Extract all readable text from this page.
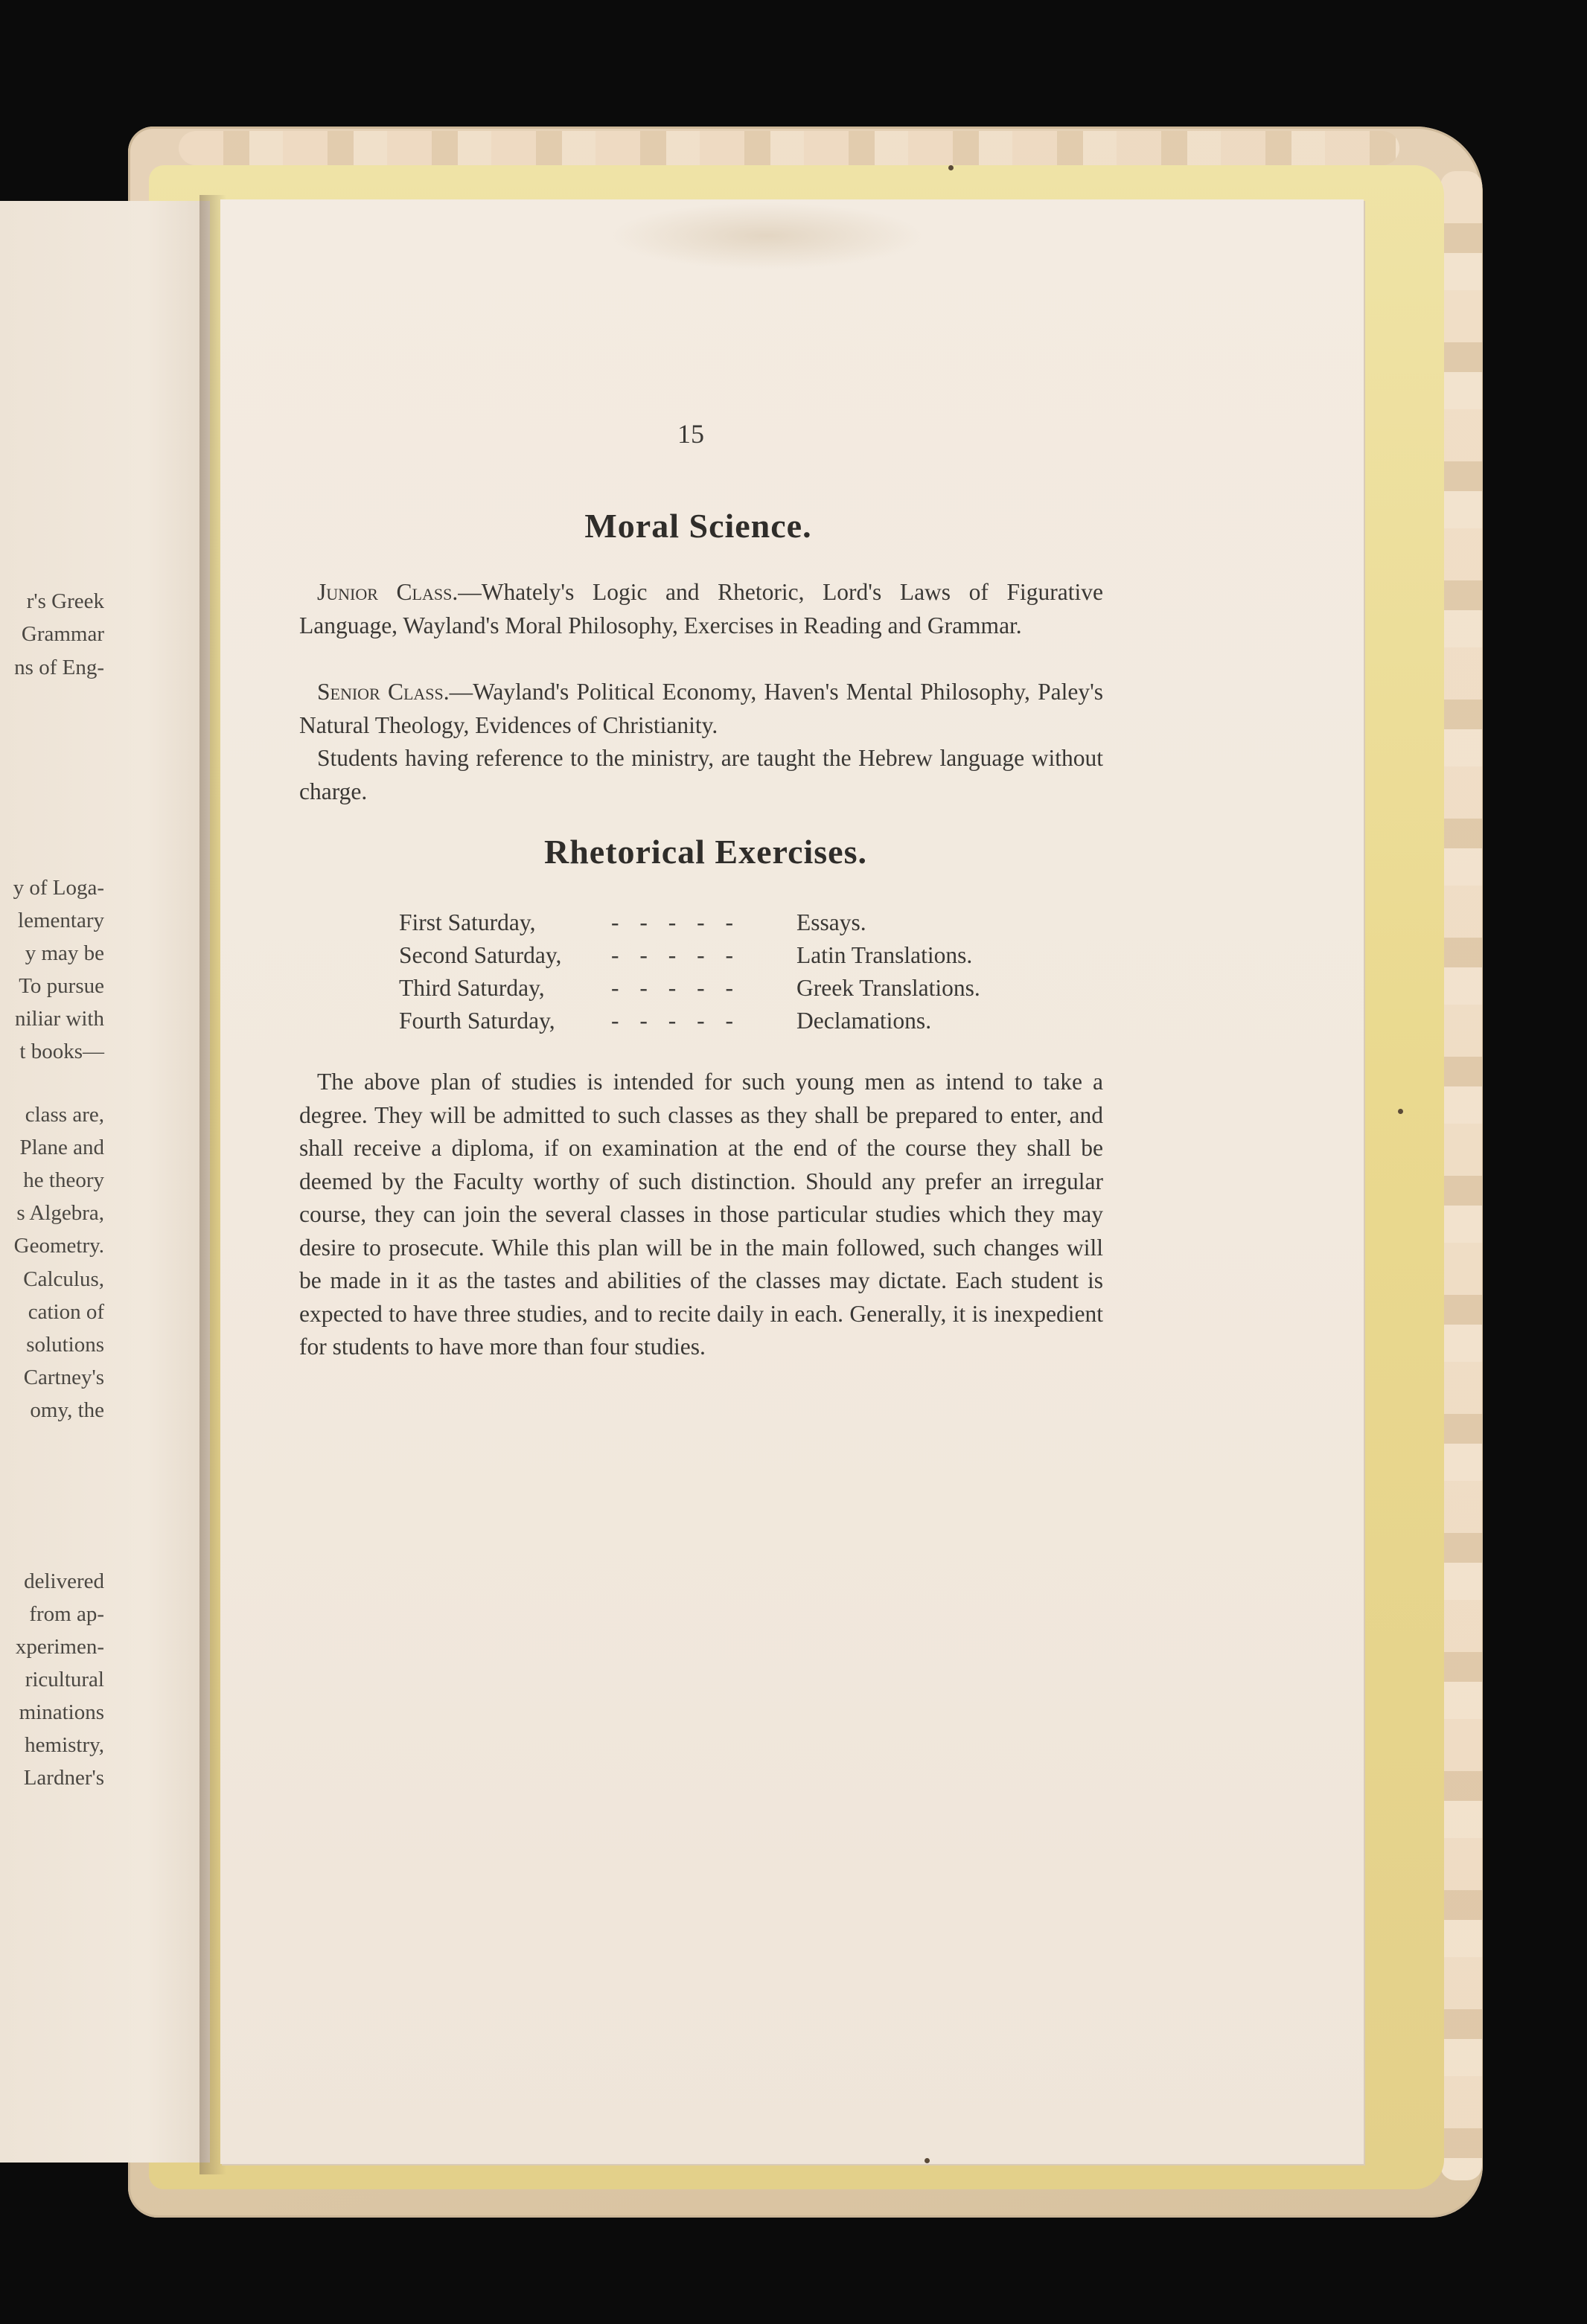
r's Greek
Grammar
ns of Eng-
y of Loga-
lementary
y may be
To pursue
niliar with
t books—
class are,
Plane and
he theory
s Algebra,
Geometry.
Calculus,
cation of
solutions
Cartney's
omy, the
delivered
from ap-
xperimen-
ricultural
minations
hemistry,
Lardner's
15
Moral Science.
Junior Class.—Whately's Logic and Rhetoric, Lord's Laws of Figurative Language, Wayland's Moral Philosophy, Exercises in Reading and Grammar.
Senior Class.—Wayland's Political Economy, Haven's Mental Philosophy, Paley's Natural Theology, Evidences of Christianity.
Students having reference to the ministry, are taught the Hebrew language without charge.
Rhetorical Exercises.
First Saturday,	- - - - - Essays.
Second Saturday, - - - - - Latin Translations.
Third Saturday,	- - - - - Greek Translations.
Fourth Saturday, - - - - - Declamations.
The above plan of studies is intended for such young men as intend to take a degree. They will be admitted to such classes as they shall be prepared to enter, and shall receive a diploma, if on examination at the end of the course they shall be deemed by the Faculty worthy of such distinction. Should any prefer an irregular course, they can join the several classes in those particular studies which they may desire to prosecute. While this plan will be in the main followed, such changes will be made in it as the tastes and abilities of the classes may dictate. Each student is expected to have three studies, and to recite daily in each. Generally, it is inexpedient for students to have more than four studies.
